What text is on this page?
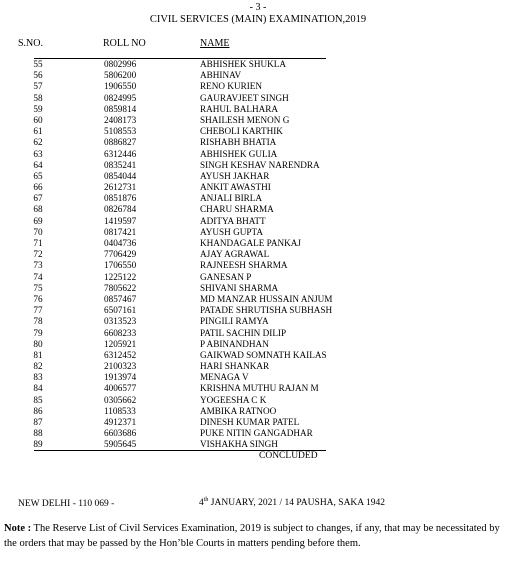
- 3 -
CIVIL SERVICES (MAIN) EXAMINATION,2019
S.NO.	ROLL NO	NAME
55	0802996	ABHISHEK SHUKLA
56	5806200	ABHINAV
57	1906550	RENO KURIEN
58	0824995	GAURAVJEET SINGH
59	0859814	RAHUL BALHARA
60	2408173	SHAILESH MENON G
61	5108553	CHEBOLI KARTHIK
62	0886827	RISHABH BHATIA
63	6312446	ABHISHEK GULIA
64	0835241	SINGH KESHAV NARENDRA
65	0854044	AYUSH JAKHAR
66	2612731	ANKIT AWASTHI
67	0851876	ANJALI BIRLA
68	0826784	CHARU SHARMA
69	1419597	ADITYA BHATT
70	0817421	AYUSH GUPTA
71	0404736	KHANDAGALE PANKAJ
72	7706429	AJAY AGRAWAL
73	1706550	RAJNEESH SHARMA
74	1225122	GANESAN P
75	7805622	SHIVANI SHARMA
76	0857467	MD MANZAR HUSSAIN ANJUM
77	6507161	PATADE SHRUTISHA SUBHASH
78	0313523	PINGILI RAMYA
79	6608233	PATIL SACHIN DILIP
80	1205921	P ABINANDHAN
81	6312452	GAIKWAD SOMNATH KAILAS
82	2100323	HARI SHANKAR
83	1913974	MENAGA V
84	4006577	KRISHNA MUTHU RAJAN M
85	0305662	YOGEESHA C K
86	1108533	AMBIKA RATNOO
87	4912371	DINESH KUMAR PATEL
88	6603686	PUKE NITIN GANGADHAR
89	5905645	VISHAKHA SINGH
CONCLUDED
NEW DELHI - 110 069 -	4th JANUARY, 2021 / 14 PAUSHA, SAKA 1942
Note : The Reserve List of Civil Services Examination, 2019 is subject to changes, if any, that may be necessitated by the orders that may be passed by the Hon’ble Courts in matters pending before them.
